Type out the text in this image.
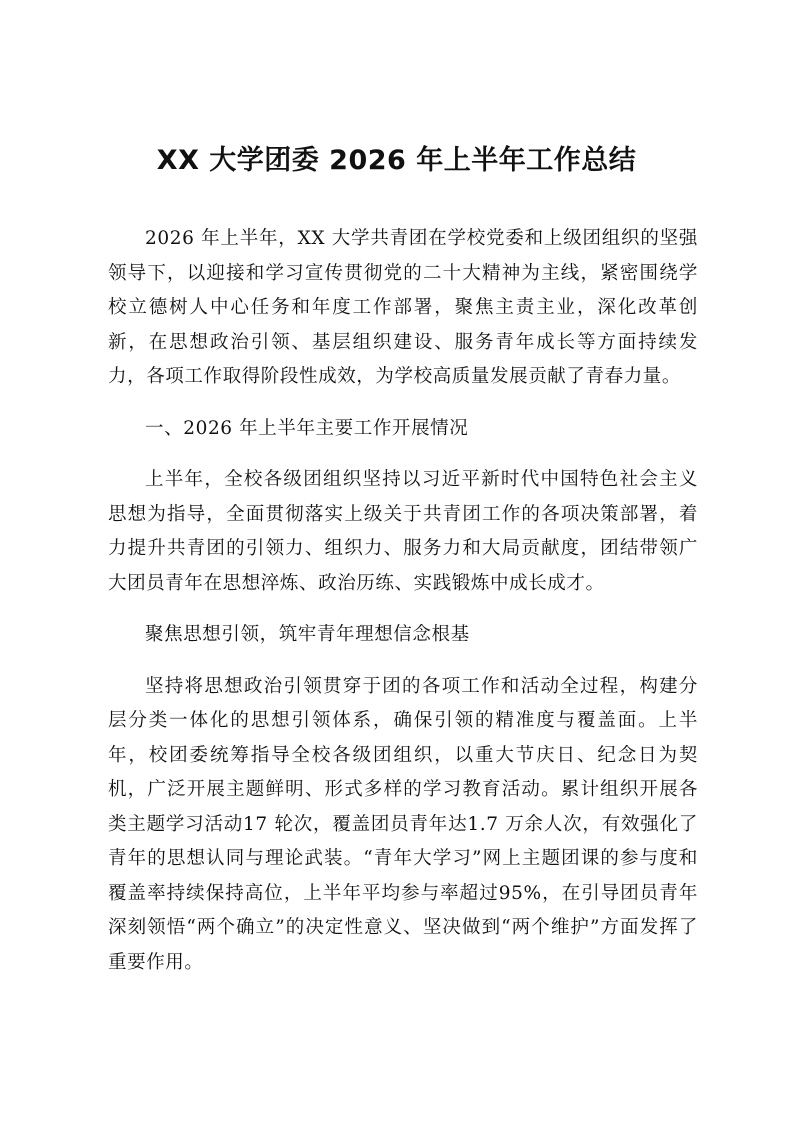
XX 大学团委 2026 年上半年工作总结

2026 年上半年，XX 大学共青团在学校党委和上级团组织的坚强领导下，以迎接和学习宣传贯彻党的二十大精神为主线，紧密围绕学校立德树人中心任务和年度工作部署，聚焦主责主业，深化改革创新，在思想政治引领、基层组织建设、服务青年成长等方面持续发力，各项工作取得阶段性成效，为学校高质量发展贡献了青春力量。

一、2026 年上半年主要工作开展情况

上半年，全校各级团组织坚持以习近平新时代中国特色社会主义思想为指导，全面贯彻落实上级关于共青团工作的各项决策部署，着力提升共青团的引领力、组织力、服务力和大局贡献度，团结带领广大团员青年在思想淬炼、政治历练、实践锻炼中成长成才。

聚焦思想引领，筑牢青年理想信念根基

坚持将思想政治引领贯穿于团的各项工作和活动全过程，构建分层分类一体化的思想引领体系，确保引领的精准度与覆盖面。上半年，校团委统筹指导全校各级团组织，以重大节庆日、纪念日为契机，广泛开展主题鲜明、形式多样的学习教育活动。累计组织开展各类主题学习活动17 轮次，覆盖团员青年达1.7 万余人次，有效强化了青年的思想认同与理论武装。“青年大学习”网上主题团课的参与度和覆盖率持续保持高位，上半年平均参与率超过95%，在引导团员青年深刻领悟“两个确立”的决定性意义、坚决做到“两个维护”方面发挥了重要作用。
